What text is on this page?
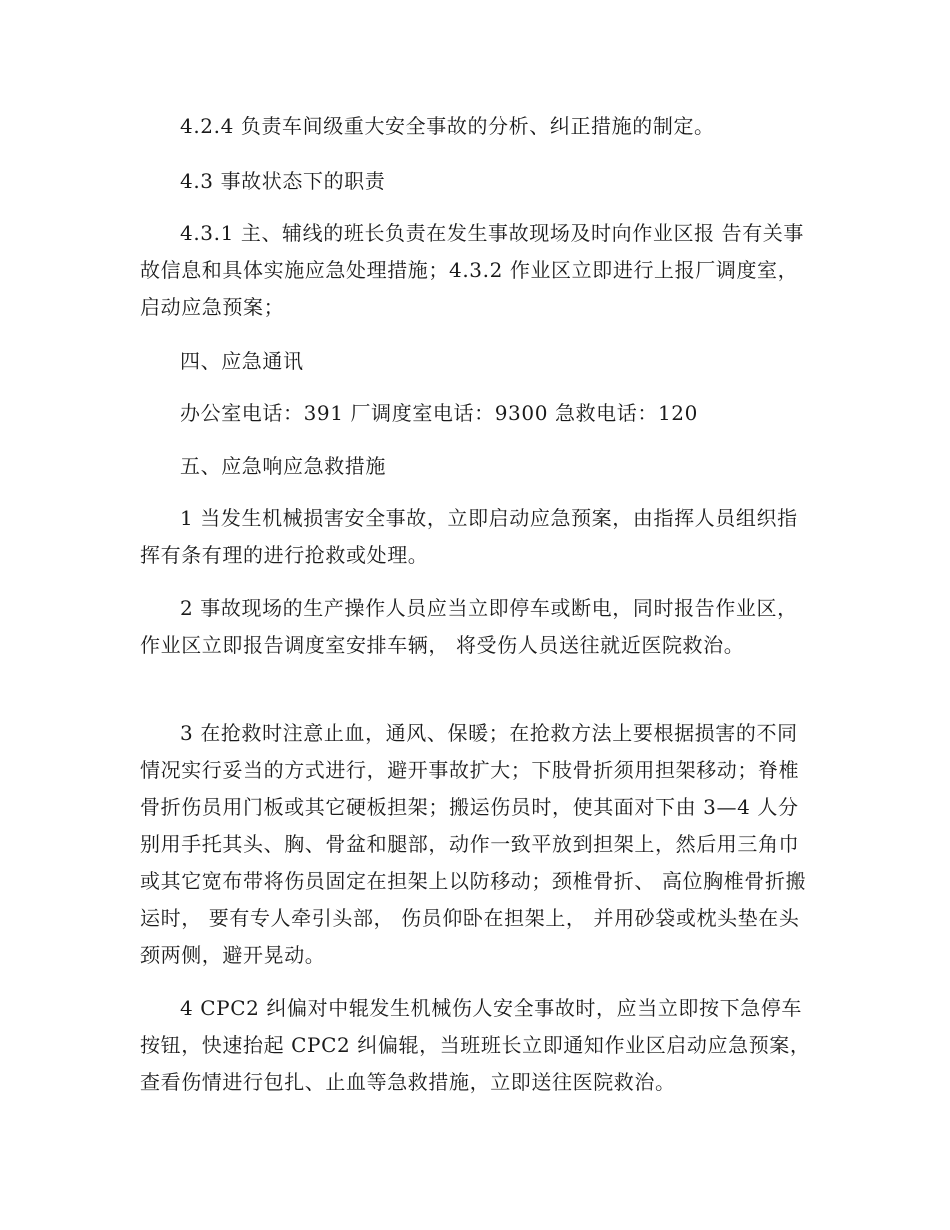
4.2.4 负责车间级重大安全事故的分析、纠正措施的制定。

4.3 事故状态下的职责

4.3.1 主、辅线的班长负责在发生事故现场及时向作业区报 告有关事故信息和具体实施应急处理措施；4.3.2 作业区立即进行上报厂调度室，启动应急预案；

四、应急通讯

办公室电话：391 厂调度室电话：9300 急救电话：120

五、应急响应急救措施

1 当发生机械损害安全事故，立即启动应急预案，由指挥人员组织指挥有条有理的进行抢救或处理。

2 事故现场的生产操作人员应当立即停车或断电，同时报告作业区， 作业区立即报告调度室安排车辆， 将受伤人员送往就近医院救治。

3 在抢救时注意止血，通风、保暖；在抢救方法上要根据损害的不同情况实行妥当的方式进行，避开事故扩大；下肢骨折须用担架移动；脊椎骨折伤员用门板或其它硬板担架；搬运伤员时，使其面对下由 3—4 人分别用手托其头、胸、骨盆和腿部，动作一致平放到担架上，然后用三角巾或其它宽布带将伤员固定在担架上以防移动；颈椎骨折、 高位胸椎骨折搬运时， 要有专人牵引头部， 伤员仰卧在担架上， 并用砂袋或枕头垫在头颈两侧，避开晃动。

4 CPC2 纠偏对中辊发生机械伤人安全事故时，应当立即按下急停车按钮，快速抬起 CPC2 纠偏辊，当班班长立即通知作业区启动应急预案，查看伤情进行包扎、止血等急救措施，立即送往医院救治。
